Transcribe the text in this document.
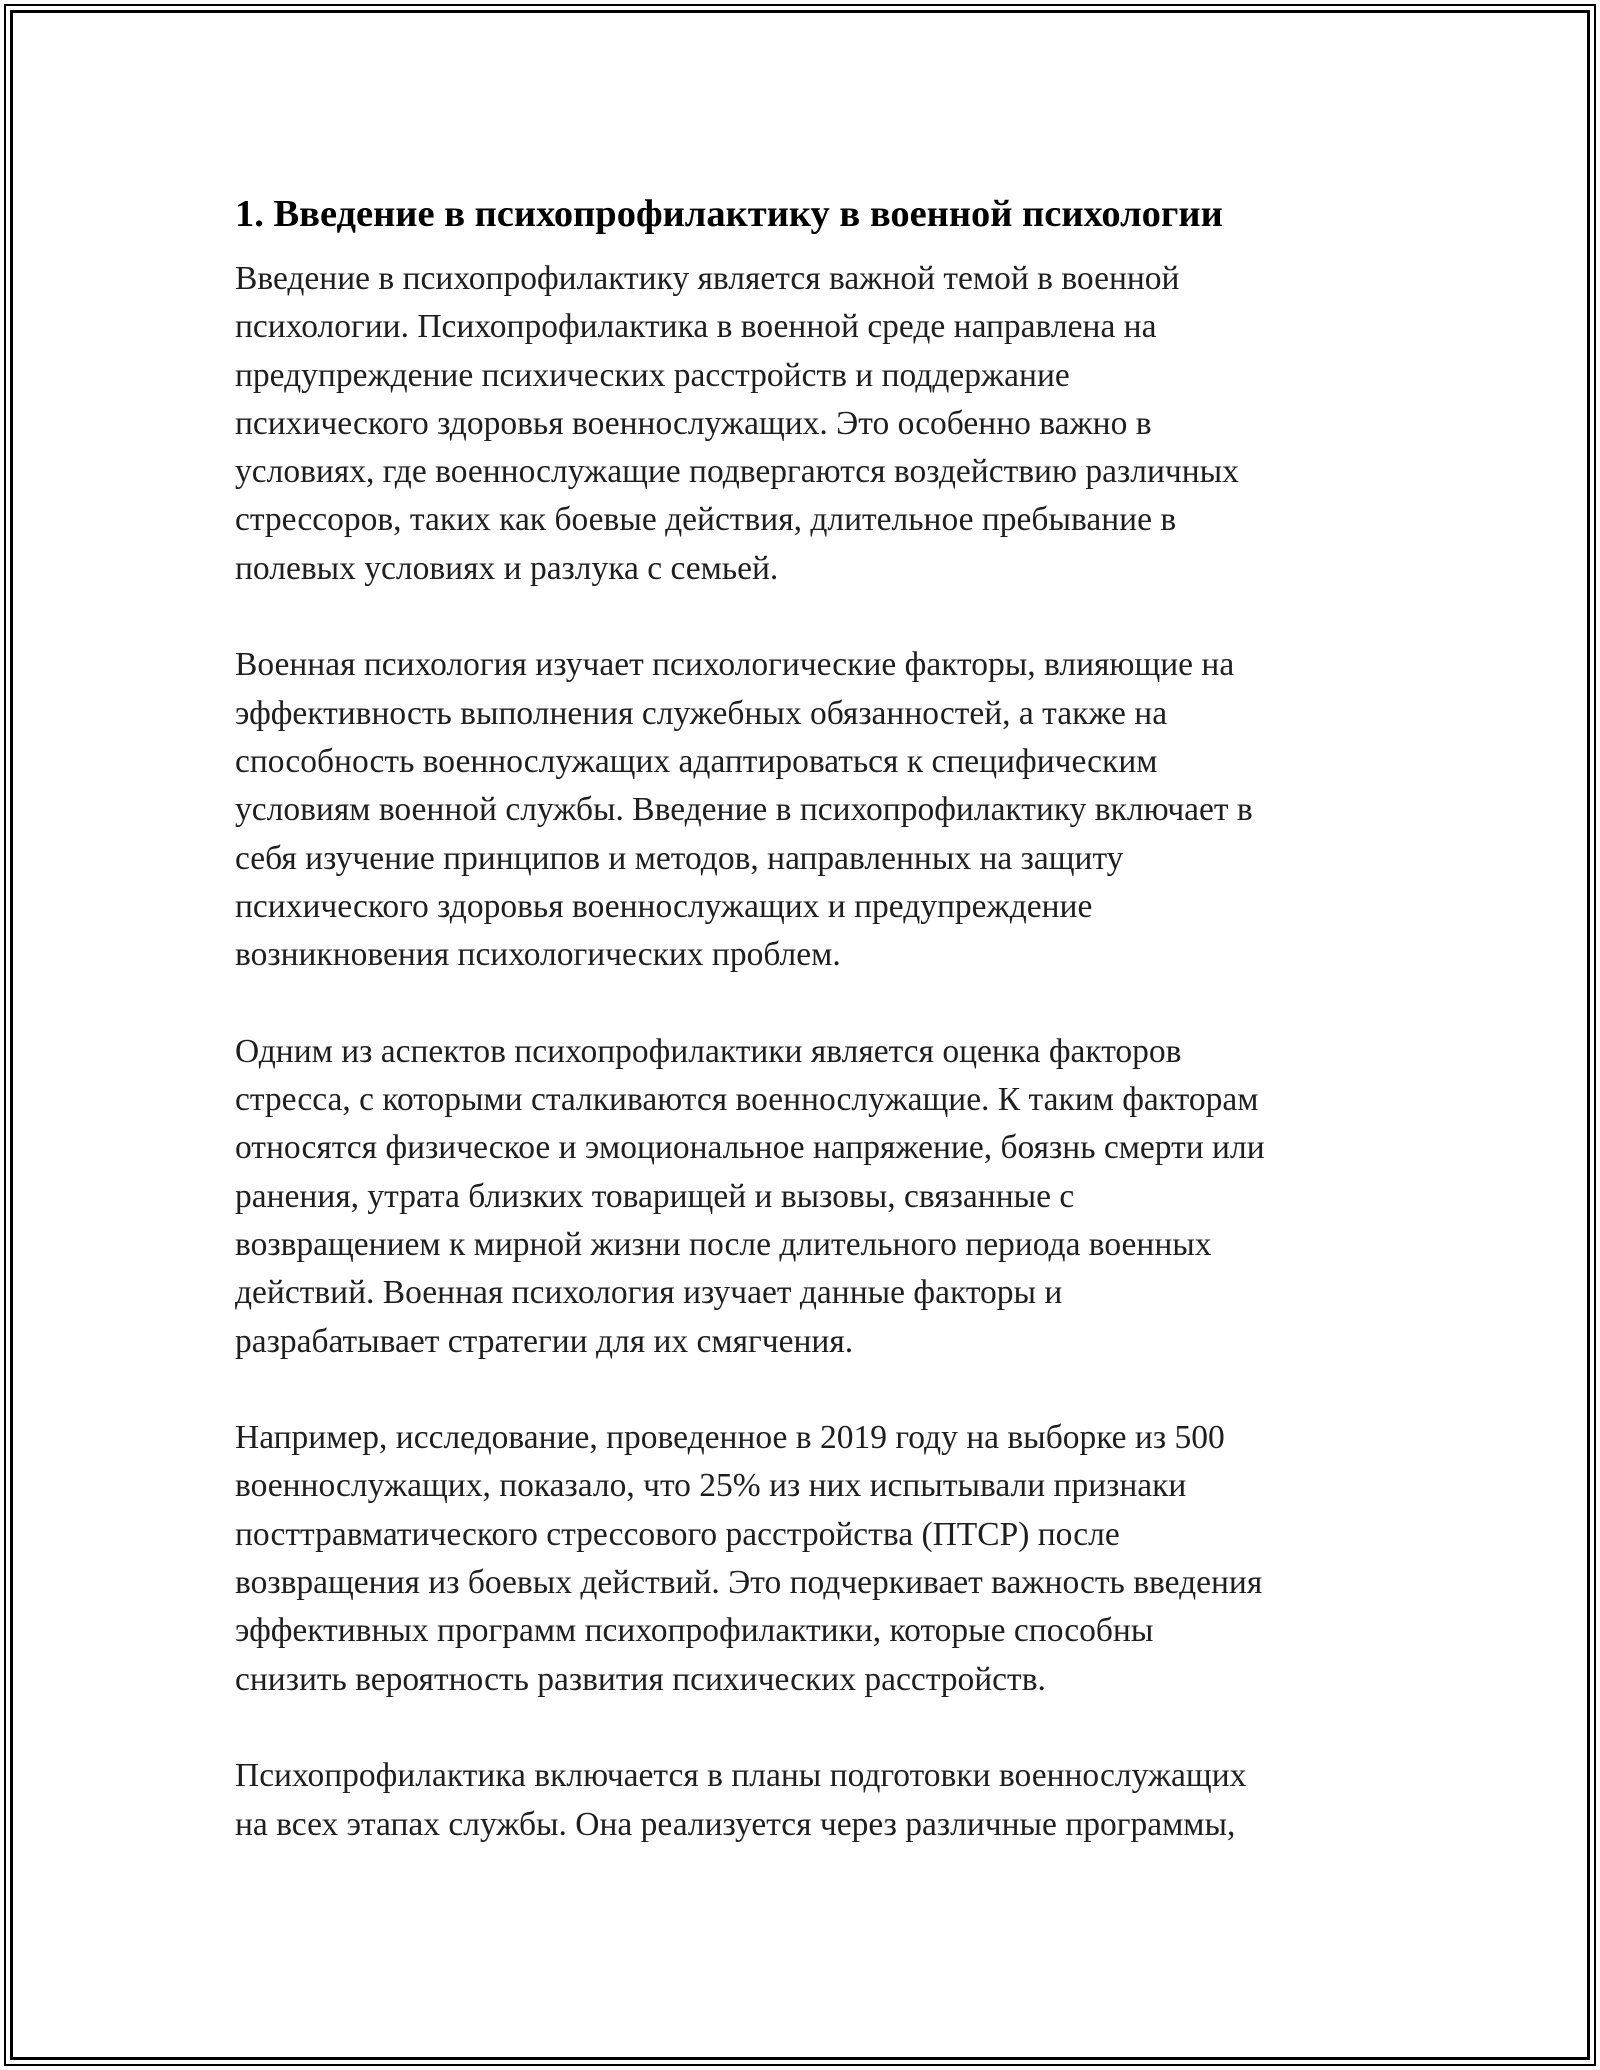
1. Введение в психопрофилактику в военной психологии

Введение в психопрофилактику является важной темой в военной
психологии. Психопрофилактика в военной среде направлена на
предупреждение психических расстройств и поддержание
психического здоровья военнослужащих. Это особенно важно в
условиях, где военнослужащие подвергаются воздействию различных
стрессоров, таких как боевые действия, длительное пребывание в
полевых условиях и разлука с семьей.

Военная психология изучает психологические факторы, влияющие на
эффективность выполнения служебных обязанностей, а также на
способность военнослужащих адаптироваться к специфическим
условиям военной службы. Введение в психопрофилактику включает в
себя изучение принципов и методов, направленных на защиту
психического здоровья военнослужащих и предупреждение
возникновения психологических проблем.

Одним из аспектов психопрофилактики является оценка факторов
стресса, с которыми сталкиваются военнослужащие. К таким факторам
относятся физическое и эмоциональное напряжение, боязнь смерти или
ранения, утрата близких товарищей и вызовы, связанные с
возвращением к мирной жизни после длительного периода военных
действий. Военная психология изучает данные факторы и
разрабатывает стратегии для их смягчения.

Например, исследование, проведенное в 2019 году на выборке из 500
военнослужащих, показало, что 25% из них испытывали признаки
посттравматического стрессового расстройства (ПТСР) после
возвращения из боевых действий. Это подчеркивает важность введения
эффективных программ психопрофилактики, которые способны
снизить вероятность развития психических расстройств.

Психопрофилактика включается в планы подготовки военнослужащих
на всех этапах службы. Она реализуется через различные программы,
